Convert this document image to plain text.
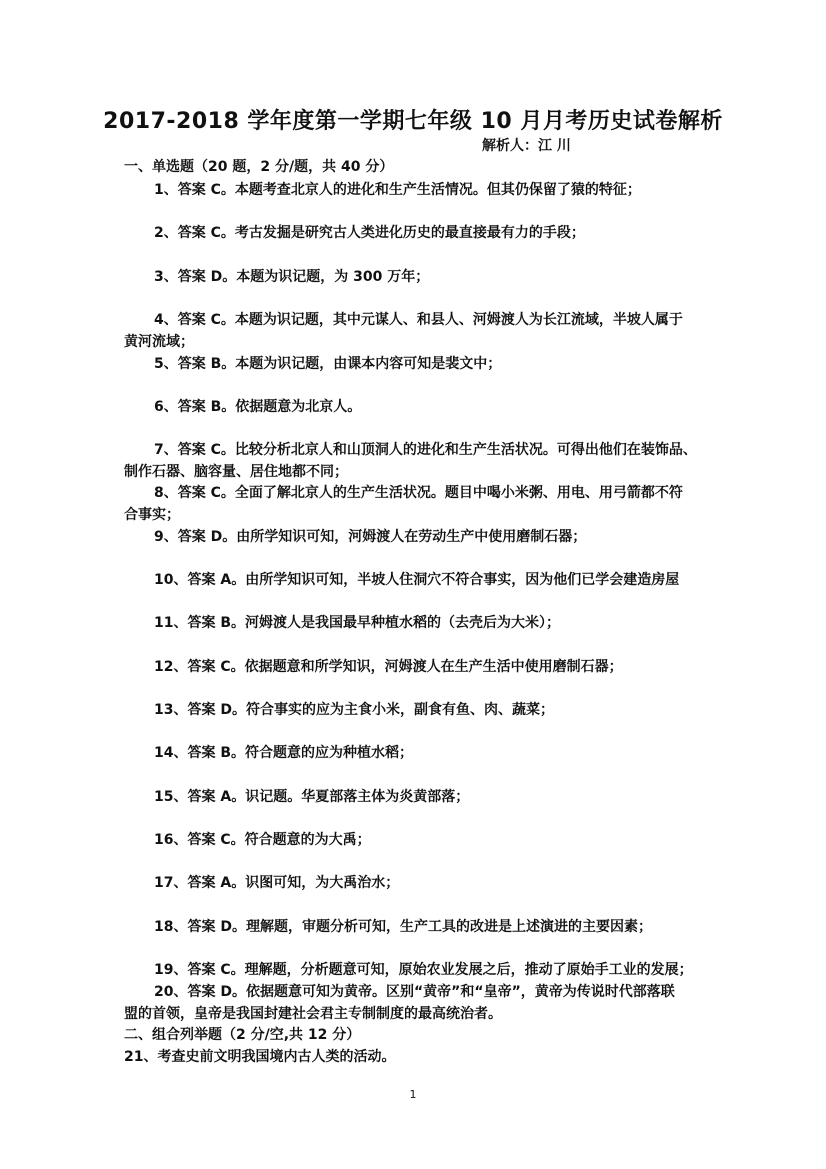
2017-2018 学年度第一学期七年级 10 月月考历史试卷解析
解析人：江 川
一、单选题（20 题，2 分/题，共 40 分）
1、答案 C。本题考查北京人的进化和生产生活情况。但其仍保留了猿的特征；
2、答案 C。考古发掘是研究古人类进化历史的最直接最有力的手段；
3、答案 D。本题为识记题，为 300 万年；
4、答案 C。本题为识记题，其中元谋人、和县人、河姆渡人为长江流域，半坡人属于
黄河流域；
5、答案 B。本题为识记题，由课本内容可知是裴文中；
6、答案 B。依据题意为北京人。
7、答案 C。比较分析北京人和山顶洞人的进化和生产生活状况。可得出他们在装饰品、
制作石器、脑容量、居住地都不同；
8、答案 C。全面了解北京人的生产生活状况。题目中喝小米粥、用电、用弓箭都不符
合事实；
9、答案 D。由所学知识可知，河姆渡人在劳动生产中使用磨制石器；
10、答案 A。由所学知识可知，半坡人住洞穴不符合事实，因为他们已学会建造房屋
11、答案 B。河姆渡人是我国最早种植水稻的（去壳后为大米）；
12、答案 C。依据题意和所学知识，河姆渡人在生产生活中使用磨制石器；
13、答案 D。符合事实的应为主食小米，副食有鱼、肉、蔬菜；
14、答案 B。符合题意的应为种植水稻；
15、答案 A。识记题。华夏部落主体为炎黄部落；
16、答案 C。符合题意的为大禹；
17、答案 A。识图可知，为大禹治水；
18、答案 D。理解题，审题分析可知，生产工具的改进是上述演进的主要因素；
19、答案 C。理解题，分析题意可知，原始农业发展之后，推动了原始手工业的发展；
20、答案 D。依据题意可知为黄帝。区别“黄帝”和“皇帝”，黄帝为传说时代部落联
盟的首领，皇帝是我国封建社会君主专制制度的最高统治者。
二、组合列举题（2 分/空,共 12 分）
21、考查史前文明我国境内古人类的活动。
1
